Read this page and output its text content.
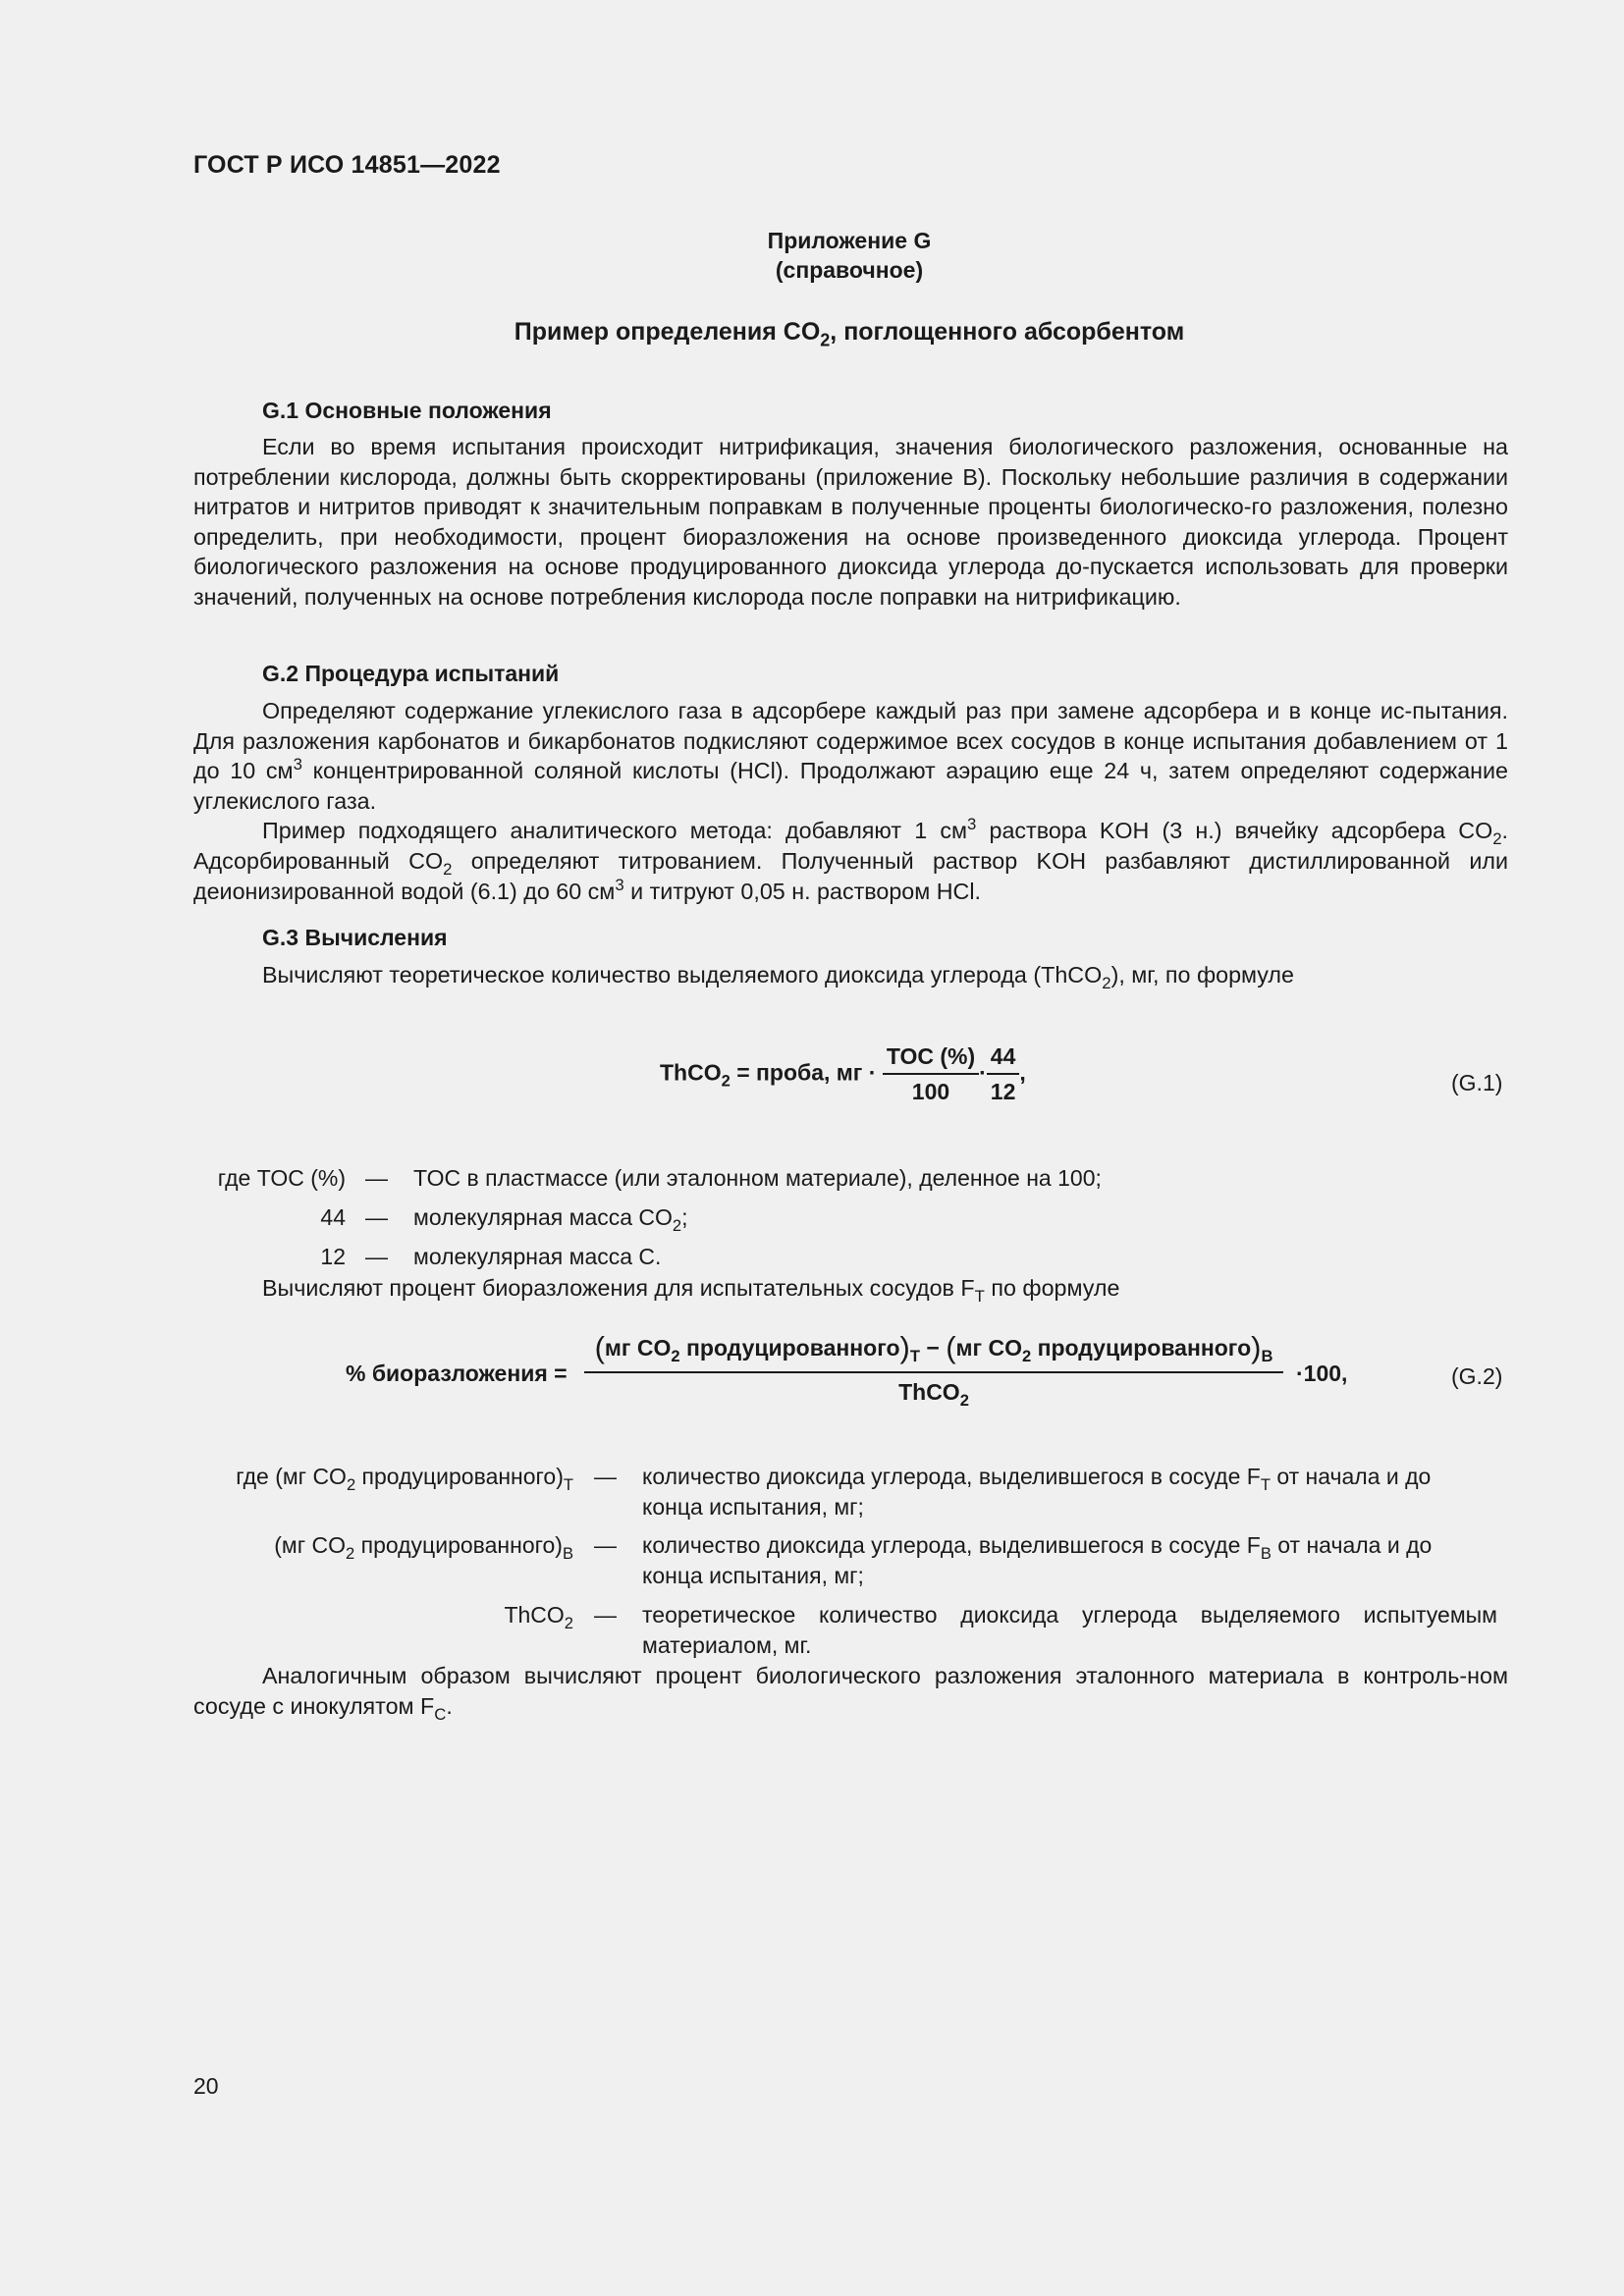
ГОСТ Р ИСО 14851—2022
Приложение G
(справочное)
Пример определения $CO_2$, поглощенного абсорбентом
G.1 Основные положения

Если во время испытания происходит нитрификация, значения биологического разложения, основанные на потреблении кислорода, должны быть скорректированы (приложение B). Поскольку небольшие различия в содержании нитратов и нитритов приводят к значительным поправкам в полученные проценты биологическо-го разложения, полезно определить, при необходимости, процент биоразложения на основе произведенного диоксида углерода. Процент биологического разложения на основе продуцированного диоксида углерода до-пускается использовать для проверки значений, полученных на основе потребления кислорода после поправки на нитрификацию.

G.2 Процедура испытаний

Определяют содержание углекислого газа в адсорбере каждый раз при замене адсорбера и в конце ис-пытания. Для разложения карбонатов и бикарбонатов подкисляют содержимое всех сосудов в конце испытания добавлением от 1 до 10 $см^3$ концентрированной соляной кислоты (HCl). Продолжают аэрацию еще 24 ч, затем определяют содержание углекислого газа.

Пример подходящего аналитического метода: добавляют 1 $см^3$ раствора KOH (3 н.) вячейку адсорбера $CO_2$. Адсорбированный $CO_2$ определяют титрованием. Полученный раствор KOH разбавляют дистиллированной или деионизированной водой (6.1) до 60 $см^3$ и титруют 0,05 н. раствором HCl.

G.3 Вычисления

Вычисляют теоретическое количество выделяемого диоксида углерода (ThCO$_2$), мг, по формуле

ThCO$_2$ = проба, мг · $\frac{\text{TOC (\%)}}{100} \cdot \frac{44}{12}$ ,	(G.1)
где TOC (%) — TOC в пластмассе (или эталонном материале), деленное на 100;
44 — молекулярная масса $CO_2$;
12 — молекулярная масса C.

Вычисляют процент биоразложения для испытательных сосудов $F_T$ по формуле

% биоразложения =
(мг $CO_2$ $продуцированного)_T - (мг$ $CO_2$ $продуцированного)_B$
ThCO$_2$
·100,	(G.2)
где (мг $CO_2$ $продуцированного)_T$ — количество диоксида углерода, выделившегося в сосуде $F_T$ от начала и до
конца испытания, мг;
(мг $CO_2$ $продуцированного)_B$ — количество диоксида углерода, выделившегося в сосуде $F_B$ от начала и до
конца испытания, мг;
ThCO$_2$ — теоретическое количество диоксида углерода выделяемого испытуемым
материалом, мг.

Аналогичным образом вычисляют процент биологического разложения эталонного материала в контроль-ном сосуде с инокулятом $F_C$.

20
